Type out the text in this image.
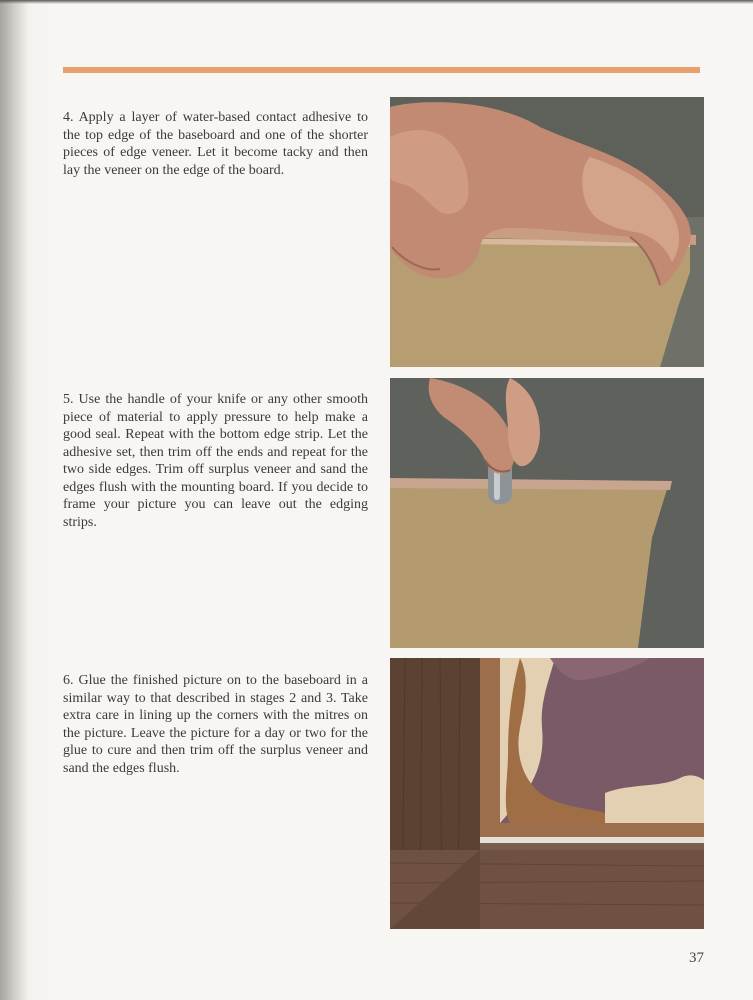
4. Apply a layer of water-based contact adhesive to the top edge of the baseboard and one of the shorter pieces of edge veneer. Let it become tacky and then lay the veneer on the edge of the board.

5. Use the handle of your knife or any other smooth piece of material to apply pressure to help make a good seal. Repeat with the bottom edge strip. Let the adhesive set, then trim off the ends and repeat for the two side edges. Trim off surplus veneer and sand the edges flush with the mounting board. If you decide to frame your picture you can leave out the edging strips.

6. Glue the finished picture on to the baseboard in a similar way to that described in stages 2 and 3. Take extra care in lining up the corners with the mitres on the picture. Leave the picture for a day or two for the glue to cure and then trim off the surplus veneer and sand the edges flush.

37
